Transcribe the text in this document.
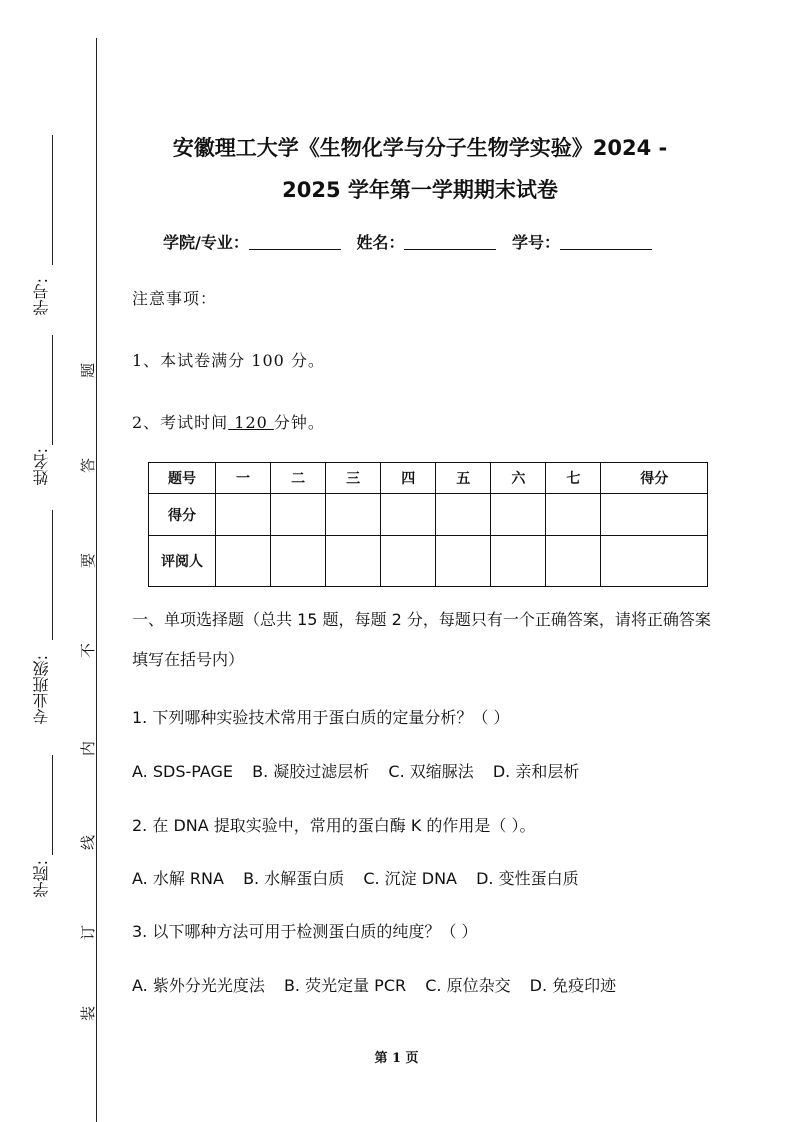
学号:
姓名:
专业班级:
学院:
题
答
要
不
内
线
订
装
安徽理工大学《生物化学与分子生物学实验》2024 -
2025 学年第一学期期末试卷
学院/专业：	姓名：	学号：
注意事项：
1、本试卷满分 100 分。
2、考试时间 120 分钟。
题号	一	二	三	四	五	六	七	得分
得分								
评阅人								
一、单项选择题（总共 15 题，每题 2 分，每题只有一个正确答案，请将正确答案填写在括号内）
1. 下列哪种实验技术常用于蛋白质的定量分析？（ ）
A. SDS-PAGE B. 凝胶过滤层析 C. 双缩脲法 D. 亲和层析
2. 在 DNA 提取实验中，常用的蛋白酶 K 的作用是（ ）。
A. 水解 RNA B. 水解蛋白质 C. 沉淀 DNA D. 变性蛋白质
3. 以下哪种方法可用于检测蛋白质的纯度？（ ）
A. 紫外分光光度法 B. 荧光定量 PCR C. 原位杂交 D. 免疫印迹
第 1 页
